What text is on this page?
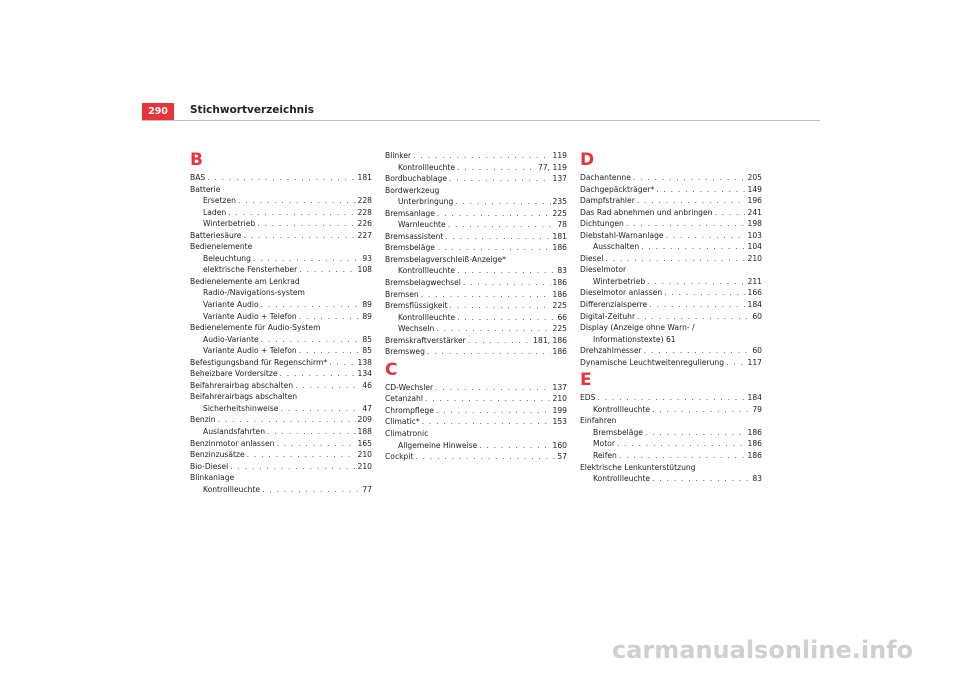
290	Stichwortverzeichnis
B
BAS . . .	181
Batterie
Ersetzen . . .	228
Laden . . .	228
Winterbetrieb . . .	226
Batteriesäure . . .	227
Bedienelemente
Beleuchtung . . .	93
elektrische Fensterheber . . .	108
Bedienelemente am Lenkrad Radio-/Navigations-system
Variante Audio . . .	89
Variante Audio + Telefon . . .	89
Bedienelemente für Audio-System
Audio-Variante . . .	85
Variante Audio + Telefon . . .	85
Befestigungsband für Regenschirm* . . .	138
Beheizbare Vordersitze . . .	134
Beifahrerairbag abschalten . . .	46
Beifahrerairbags abschalten
Sicherheitshinweise . . .	47
Benzin . . .	209
Auslandsfahrten . . .	188
Benzinmotor anlassen . . .	165
Benzinzusätze . . .	210
Bio-Diesel . . .	210
Blinkanlage
Kontrollleuchte . . .	77
Blinker . . .	119
Kontrollleuchte . . .	77, 119
Bordbuchablage . . .	137
Bordwerkzeug
Unterbringung . . .	235
Bremsanlage . . .	225
Warnleuchte . . .	78
Bremsassistent . . .	181
Bremsbeläge . . .	186
Bremsbelagverschleiß-Anzeige*
Kontrollleuchte . . .	83
Bremsbelagwechsel . . .	186
Bremsen . . .	186
Bremsflüssigkeit . . .	225
Kontrollleuchte . . .	66
Wechseln . . .	225
Bremskraftverstärker . . .	181, 186
Bremsweg . . .	186
C
CD-Wechsler . . .	137
Cetanzahl . . .	210
Chrompflege . . .	199
Climatic* . . .	153
Climatronic
Allgemeine Hinweise . . .	160
Cockpit . . .	57
D
Dachantenne . . .	205
Dachgepäckträger* . . .	149
Dampfstrahler . . .	196
Das Rad abnehmen und anbringen . . .	241
Dichtungen . . .	198
Diebstahl-Warnanlage . . .	103
Ausschalten . . .	104
Diesel . . .	210
Dieselmotor
Winterbetrieb . . .	211
Dieselmotor anlassen . . .	166
Differenzialsperre . . .	184
Digital-Zeituhr . . .	60
Display (Anzeige ohne Warn- / Informationstexte) 61
Drehzahlmesser . . .	60
Dynamische Leuchtweitenregulierung . . .	117
E
EDS . . .	184
Kontrollleuchte . . .	79
Einfahren
Bremsbeläge . . .	186
Motor . . .	186
Reifen . . .	186
Elektrische Lenkunterstützung
Kontrollleuchte . . .	83
carmanualsonline.info
